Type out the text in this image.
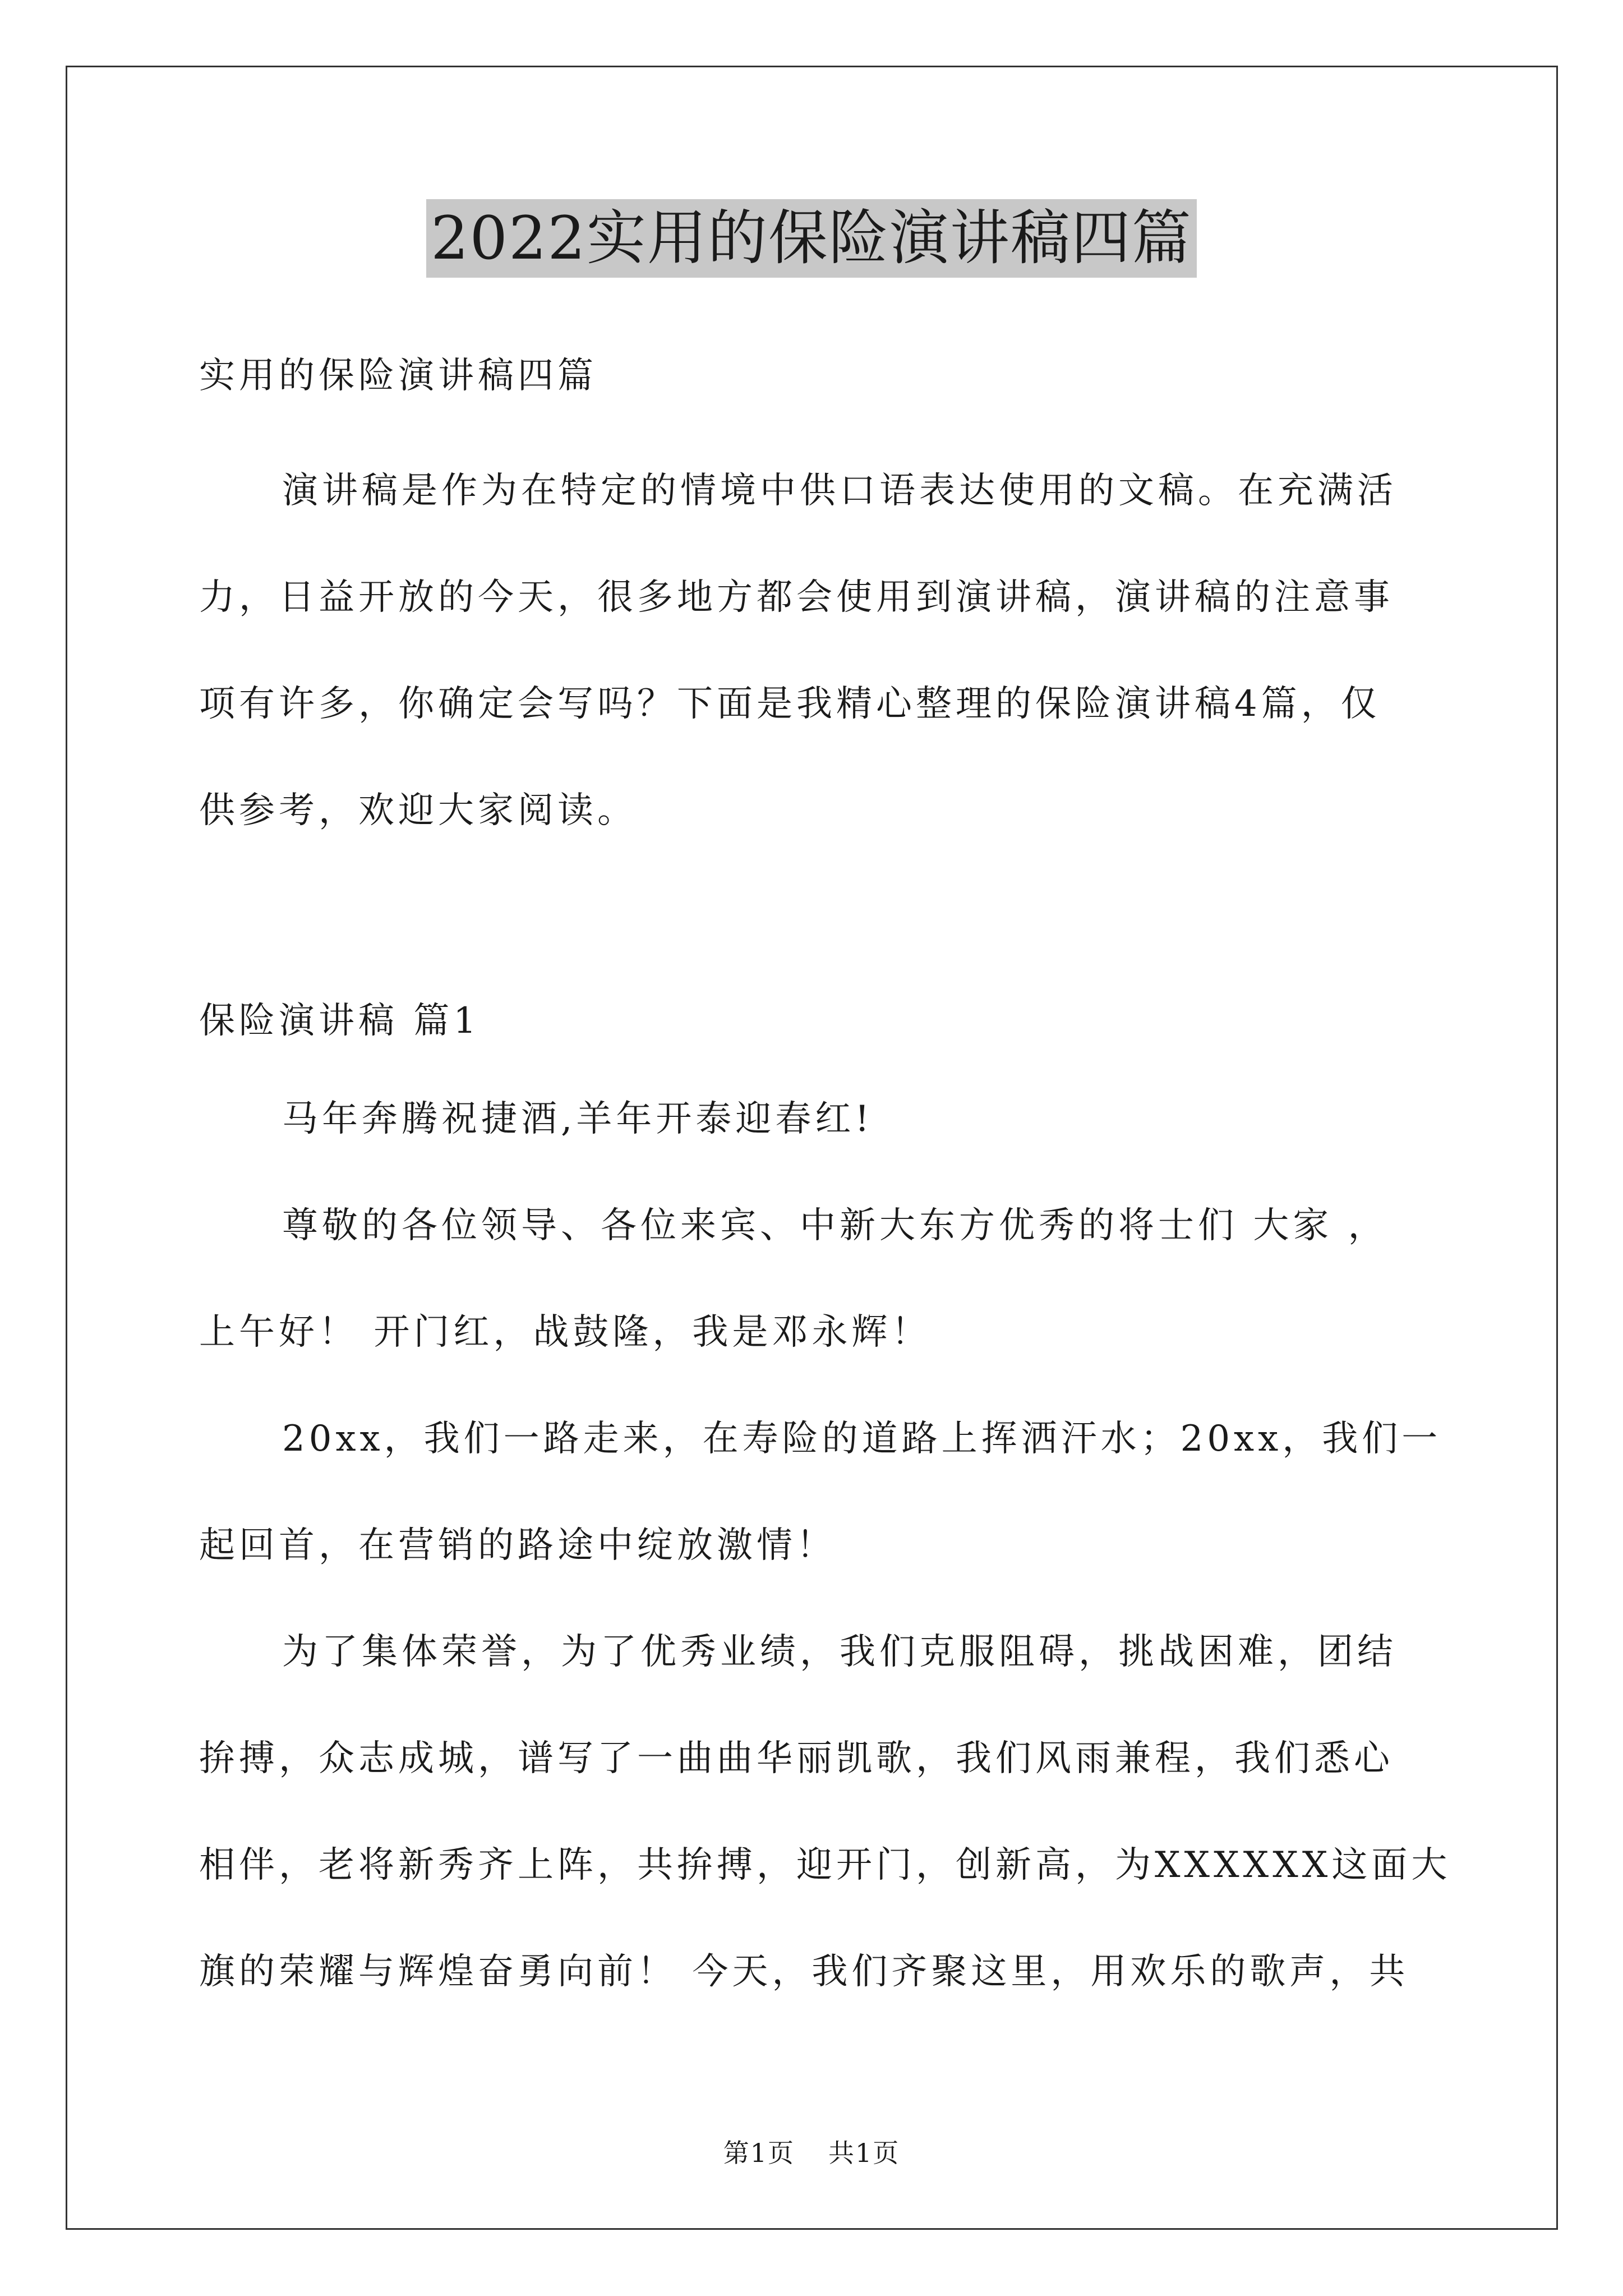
2022实用的保险演讲稿四篇

实用的保险演讲稿四篇

演讲稿是作为在特定的情境中供口语表达使用的文稿。在充满活

力，日益开放的今天，很多地方都会使用到演讲稿，演讲稿的注意事

项有许多，你确定会写吗？下面是我精心整理的保险演讲稿4篇，仅

供参考，欢迎大家阅读。

保险演讲稿 篇1

马年奔腾祝捷酒,羊年开泰迎春红!

尊敬的各位领导、各位来宾、中新大东方优秀的将士们 大家 ，

上午好！ 开门红，战鼓隆，我是邓永辉！

20xx，我们一路走来，在寿险的道路上挥洒汗水；20xx，我们一

起回首，在营销的路途中绽放激情！

为了集体荣誉，为了优秀业绩，我们克服阻碍，挑战困难，团结

拚搏，众志成城，谱写了一曲曲华丽凯歌，我们风雨兼程，我们悉心

相伴，老将新秀齐上阵，共拚搏，迎开门，创新高，为XXXXXX这面大

旗的荣耀与辉煌奋勇向前！ 今天，我们齐聚这里，用欢乐的歌声，共

第1页 共1页
